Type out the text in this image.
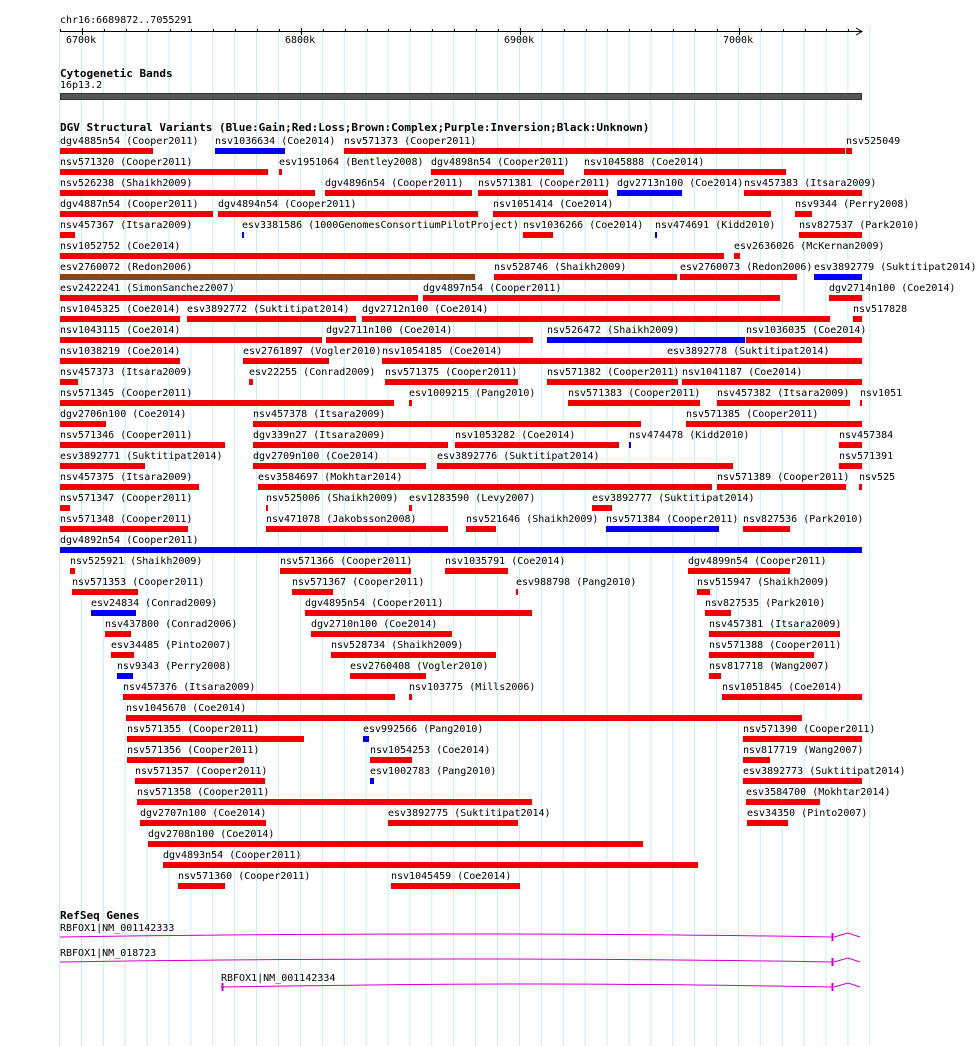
chr16:6689872..7055291
6700k	6800k	6900k	7000k
Cytogenetic Bands
16p13.2
DGV Structural Variants (Blue:Gain;Red:Loss;Brown:Complex;Purple:Inversion;Black:Unknown)
dgv4885n54 (Cooper2011) nsv1036634 (Coe2014) nsv571373 (Cooper2011)	nsv525049
nsv571320 (Cooper2011)	esv1951064 (Bentley2008) dgv4898n54 (Cooper2011) nsv1045888 (Coe2014)
nsv526238 (Shaikh2009)	dgv4896n54 (Cooper2011) nsv571381 (Cooper2011) dgv2713n100 (Coe2014) nsv457383 (Itsara2009)
dgv4887n54 (Cooper2011) dgv4894n54 (Cooper2011)	nsv1051414 (Coe2014)	nsv9344 (Perry2008)
nsv457367 (Itsara2009)	esv3381586 (1000GenomesConsortiumPilotProject) nsv1036266 (Coe2014) nsv474691 (Kidd2010) nsv827537 (Park2010)
nsv1052752 (Coe2014)	esv2636026 (McKernan2009)
esv2760072 (Redon2006)	nsv528746 (Shaikh2009)	esv2760073 (Redon2006) esv3892779 (Suktitipat2014)
esv2422241 (SimonSanchez2007)	dgv4897n54 (Cooper2011)	dgv2714n100 (Coe2014)
nsv1045325 (Coe2014) esv3892772 (Suktitipat2014) dgv2712n100 (Coe2014)	nsv517828
nsv1043115 (Coe2014)	dgv2711n100 (Coe2014)	nsv526472 (Shaikh2009)	nsv1036035 (Coe2014)
nsv1038219 (Coe2014)	esv2761897 (Vogler2010) nsv1054185 (Coe2014)	esv3892778 (Suktitipat2014)
nsv457373 (Itsara2009)	esv22255 (Conrad2009) nsv571375 (Cooper2011)	nsv571382 (Cooper2011) nsv1041187 (Coe2014)
nsv571345 (Cooper2011)	esv1009215 (Pang2010)	nsv571383 (Cooper2011) nsv457382 (Itsara2009) nsv1051
dgv2706n100 (Coe2014)	nsv457378 (Itsara2009)	nsv571385 (Cooper2011)
nsv571346 (Cooper2011)	dgv339n27 (Itsara2009)	nsv1053282 (Coe2014)	nsv474478 (Kidd2010)	nsv457384
esv3892771 (Suktitipat2014)	dgv2709n100 (Coe2014)	esv3892776 (Suktitipat2014)	nsv571391
nsv457375 (Itsara2009)	esv3584697 (Mokhtar2014)	nsv571389 (Cooper2011) nsv525
nsv571347 (Cooper2011)	nsv525006 (Shaikh2009) esv1283590 (Levy2007)	esv3892777 (Suktitipat2014)
nsv571348 (Cooper2011)	nsv471078 (Jakobsson2008)	nsv521646 (Shaikh2009) nsv571384 (Cooper2011) nsv827536 (Park2010)
dgv4892n54 (Cooper2011)
nsv525921 (Shaikh2009)	nsv571366 (Cooper2011)	nsv1035791 (Coe2014)	dgv4899n54 (Cooper2011)
nsv571353 (Cooper2011)	nsv571367 (Cooper2011)	esv988798 (Pang2010)	nsv515947 (Shaikh2009)
esv24834 (Conrad2009)	dgv4895n54 (Cooper2011)	nsv827535 (Park2010)
nsv437800 (Conrad2006)	dgv2710n100 (Coe2014)	nsv457381 (Itsara2009)
esv34485 (Pinto2007)	nsv528734 (Shaikh2009)	nsv571388 (Cooper2011)
nsv9343 (Perry2008)	esv2760408 (Vogler2010)	nsv817718 (Wang2007)
nsv457376 (Itsara2009)	nsv103775 (Mills2006)	nsv1051845 (Coe2014)
nsv1045670 (Coe2014)
nsv571355 (Cooper2011)	esv992566 (Pang2010)	nsv571390 (Cooper2011)
nsv571356 (Cooper2011)	nsv1054253 (Coe2014)	nsv817719 (Wang2007)
nsv571357 (Cooper2011)	esv1002783 (Pang2010)	esv3892773 (Suktitipat2014)
nsv571358 (Cooper2011)	esv3584700 (Mokhtar2014)
dgv2707n100 (Coe2014)	esv3892775 (Suktitipat2014)	esv34350 (Pinto2007)
dgv2708n100 (Coe2014)
dgv4893n54 (Cooper2011)
nsv571360 (Cooper2011)	nsv1045459 (Coe2014)
RefSeq Genes
RBFOX1|NM_001142333
RBFOX1|NM_018723
RBFOX1|NM_001142334
